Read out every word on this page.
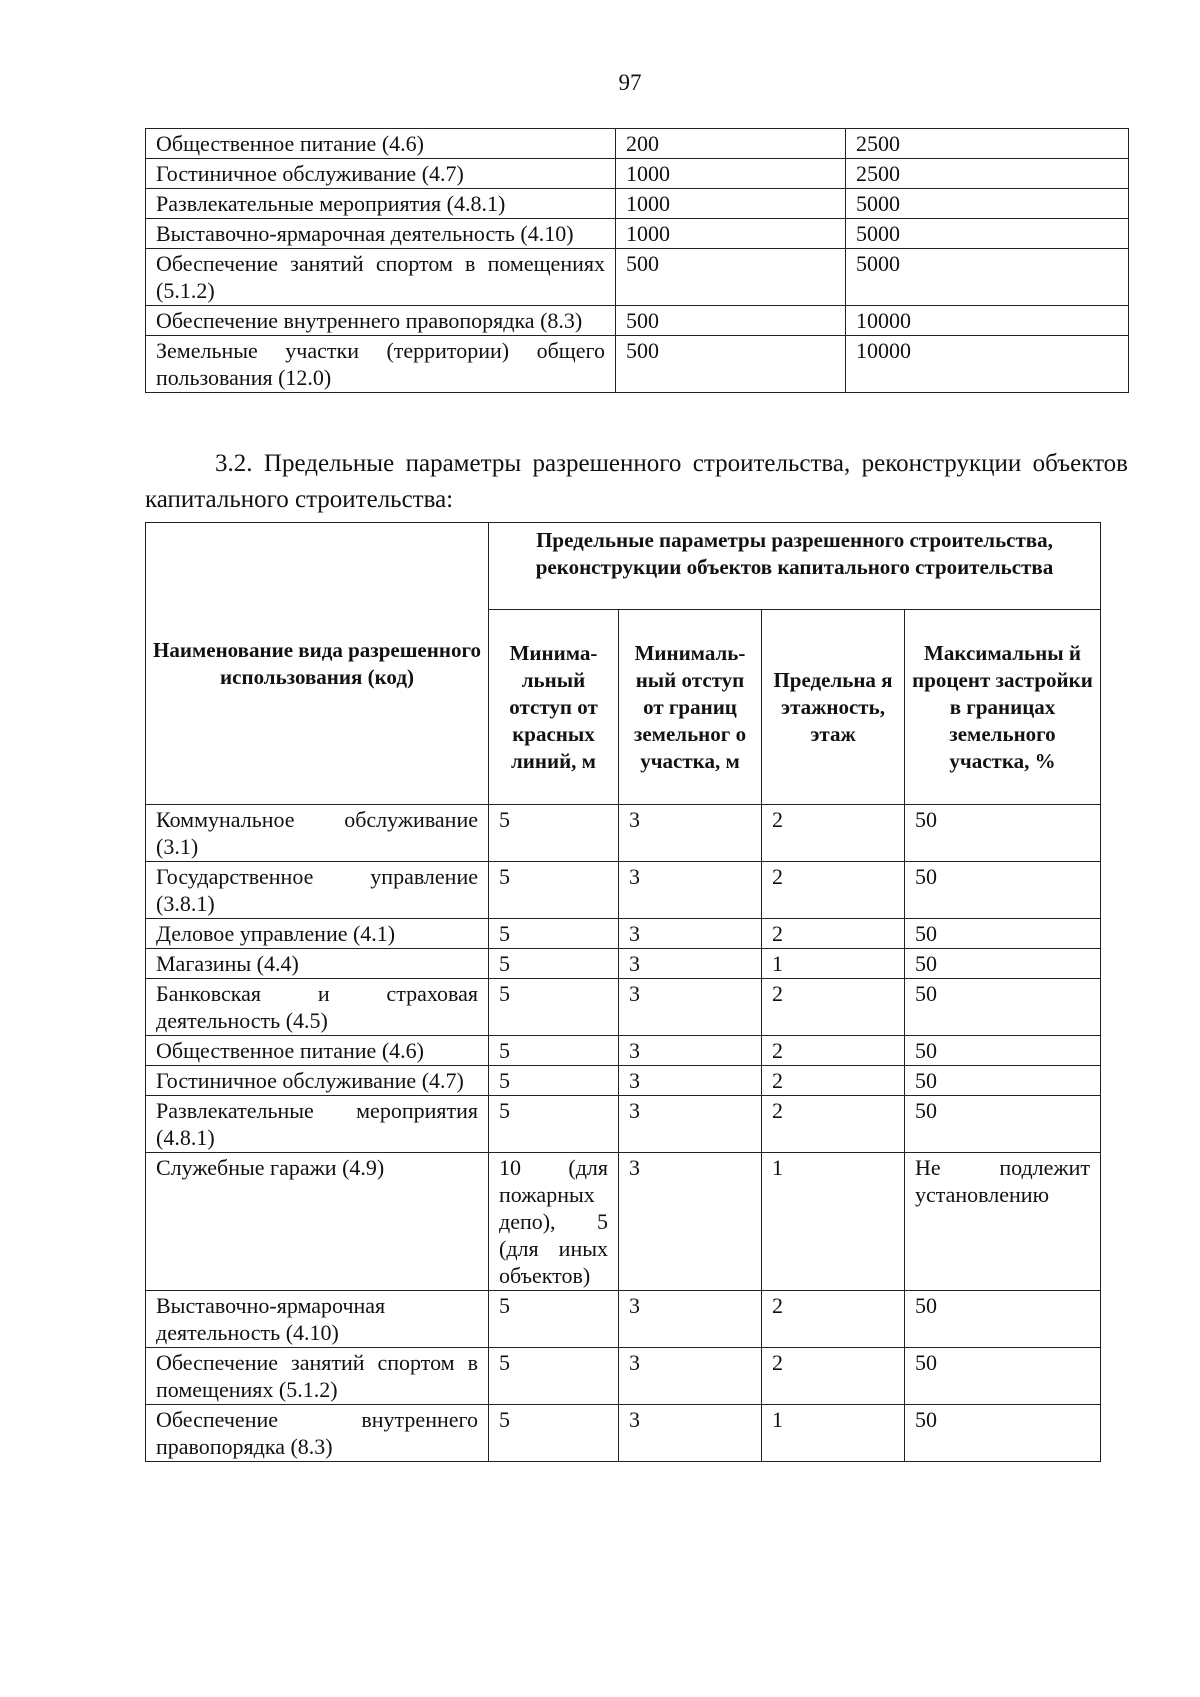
97
Общественное питание (4.6)	200	2500
Гостиничное обслуживание (4.7)	1000	2500
Развлекательные мероприятия (4.8.1)	1000	5000
Выставочно-ярмарочная деятельность (4.10)	1000	5000
Обеспечение занятий спортом в помещениях (5.1.2)	500	5000
Обеспечение внутреннего правопорядка (8.3)	500	10000
Земельные участки (территории) общего пользования (12.0)	500	10000
3.2. Предельные параметры разрешенного строительства, реконструкции объектов капитального строительства:
Наименование вида разрешенного использования (код)	Предельные параметры разрешенного строительства, реконструкции объектов капитального строительства			
	Минима-льный отступ от красных линий, м	Минималь-ный отступ от границ земельног о участка, м	Предельна я этажность, этаж	Максимальны й процент застройки в границах земельного участка, %
Коммунальное обслуживание (3.1)	5	3	2	50
Государственное управление (3.8.1)	5	3	2	50
Деловое управление (4.1)	5	3	2	50
Магазины (4.4)	5	3	1	50
Банковская и страховая деятельность (4.5)	5	3	2	50
Общественное питание (4.6)	5	3	2	50
Гостиничное обслуживание (4.7)	5	3	2	50
Развлекательные мероприятия (4.8.1)	5	3	2	50
Служебные гаражи (4.9)	10 (для пожарных депо), 5 (для иных объектов)	3	1	Не подлежит установлению
Выставочно-ярмарочная деятельность (4.10)	5	3	2	50
Обеспечение занятий спортом в помещениях (5.1.2)	5	3	2	50
Обеспечение внутреннего правопорядка (8.3)	5	3	1	50
